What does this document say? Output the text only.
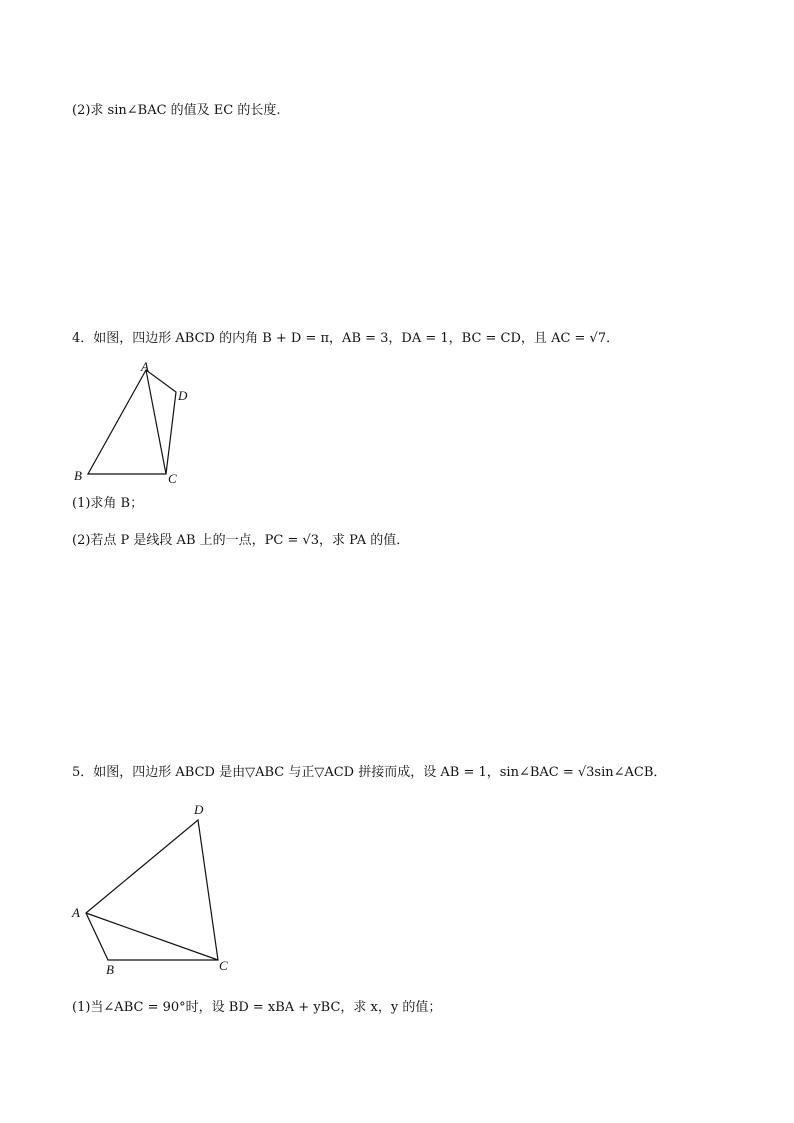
(2)求 sin∠BAC 的值及 EC 的长度.
4．如图，四边形 ABCD 的内角 B + D = π，AB = 3，DA = 1，BC = CD，且 AC = √7．
A
D
B	C
(1)求角 B；
(2)若点 P 是线段 AB 上的一点，PC = √3，求 PA 的值．
5．如图，四边形 ABCD 是由▽ABC 与正▽ACD 拼接而成，设 AB = 1，sin∠BAC = √3sin∠ACB．
D
A
B	C
(1)当∠ABC = 90°时，设 BD = xBA + yBC，求 x，y 的值；
